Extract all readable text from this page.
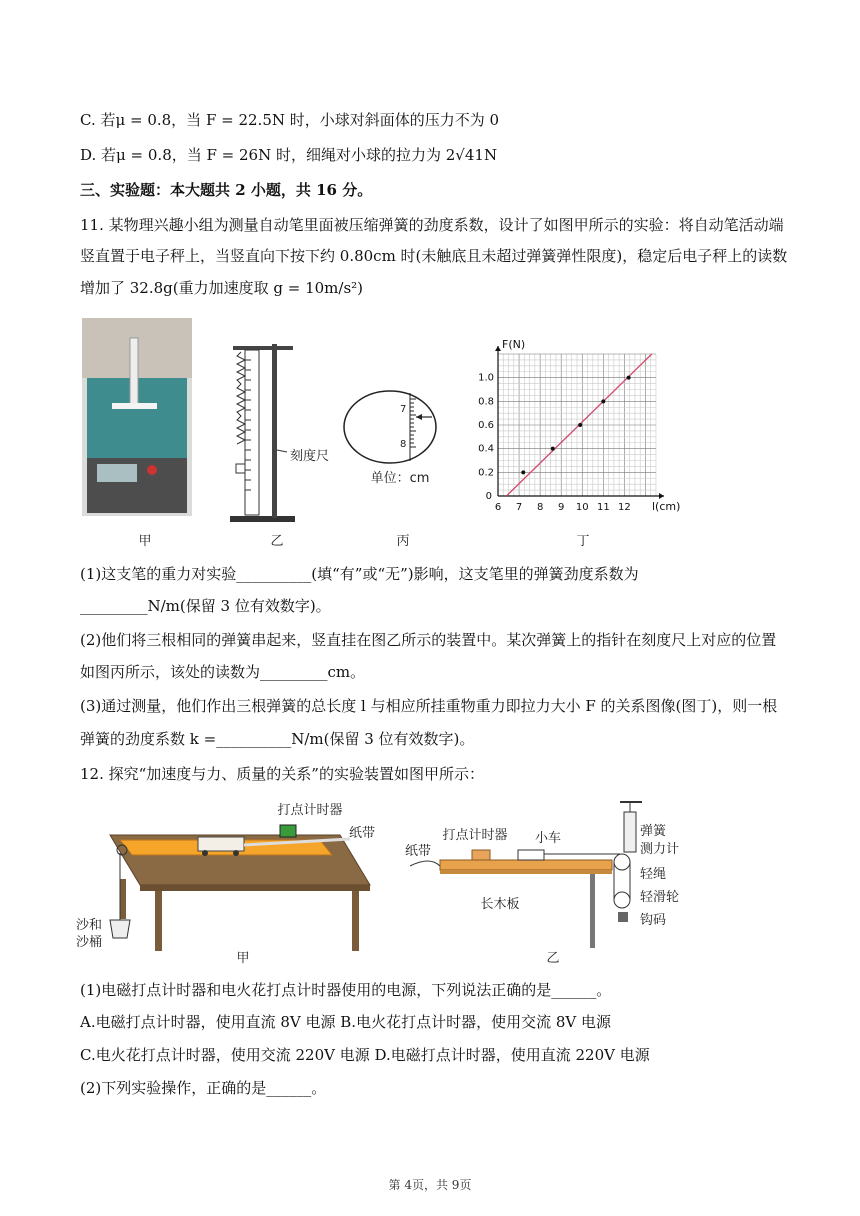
C. 若μ = 0.8，当 F = 22.5N 时，小球对斜面体的压力不为 0
D. 若μ = 0.8，当 F = 26N 时，细绳对小球的拉力为 2√41N
三、实验题：本大题共 2 小题，共 16 分。
11. 某物理兴趣小组为测量自动笔里面被压缩弹簧的劲度系数，设计了如图甲所示的实验：将自动笔活动端
竖直置于电子秤上，当竖直向下按下约 0.80cm 时(未触底且未超过弹簧弹性限度)，稳定后电子秤上的读数
增加了 32.8g(重力加速度取 g = 10m/s²)
刻度尺
7
8
单位：cm
6 7 8 9 10 11 12
0.2
0.4
0.6
0.8
1.0
0
F(N)
l(cm)
甲	乙	丙	丁
(1)这支笔的重力对实验__________(填“有”或“无”)影响，这支笔里的弹簧劲度系数为
_________N/m(保留 3 位有效数字)。
(2)他们将三根相同的弹簧串起来，竖直挂在图乙所示的装置中。某次弹簧上的指针在刻度尺上对应的位置
如图丙所示，该处的读数为_________cm。
(3)通过测量，他们作出三根弹簧的总长度 l 与相应所挂重物重力即拉力大小 F 的关系图像(图丁)，则一根
弹簧的劲度系数 k =__________N/m(保留 3 位有效数字)。
12. 探究“加速度与力、质量的关系”的实验装置如图甲所示：
打点计时器
纸带
沙和
沙桶
打点计时器	小车
纸带
长木板
弹簧
测力计
轻绳
轻滑轮
钩码
甲	乙
(1)电磁打点计时器和电火花打点计时器使用的电源，下列说法正确的是______。
A.电磁打点计时器，使用直流 8V 电源 B.电火花打点计时器，使用交流 8V 电源
C.电火花打点计时器，使用交流 220V 电源 D.电磁打点计时器，使用直流 220V 电源
(2)下列实验操作，正确的是______。
第 4页，共 9页
